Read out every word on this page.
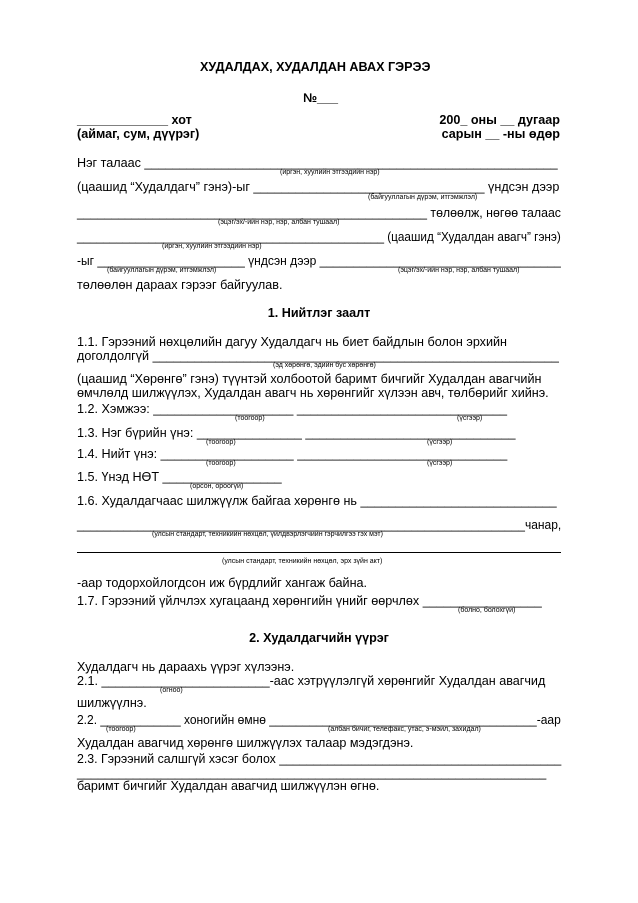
ХУДАЛДАХ, ХУДАЛДАН АВАХ ГЭРЭЭ
№___
_____________ хот
(аймаг, сум, дүүрэг)
200_ оны __ дугаар
сарын __ -ны өдөр
Нэг талаас ___________________________________________________________
(иргэн, хуулийн этгээдийн нэр)
(цаашид “Худалдагч” гэнэ)-ыг _________________________________ үндсэн дээр
(байгууллагын дүрэм, итгэмжлэл)
___________________________________________________ төлөөлж, нөгөө талаас
(эцэг/эх/-ийн нэр, нэр, албан тушаал)
_______________________________________________ (цаашид “Худалдан авагч” гэнэ)
(иргэн, хуулийн этгээдийн нэр)
-ыг ______________________ үндсэн дээр ____________________________________
(байгууллагын дүрэм, итгэмжлэл)	(эцэг/эх/-ийн нэр, нэр, албан тушаал)
төлөөлөн дараах гэрээг байгуулав.
1. Нийтлэг заалт
1.1. Гэрээний нөхцөлийн дагуу Худалдагч нь биет байдлын болон эрхийн
доголдолгүй __________________________________________________________
(эд хөрөнгө, эдийн бус хөрөнгө)
(цаашид “Хөрөнгө” гэнэ) түүнтэй холбоотой баримт бичгийг Худалдан авагчийн
өмчлөлд шилжүүлэх, Худалдан авагч нь хөрөнгийг хүлээн авч, төлбөрийг хийнэ.
1.2. Хэмжээ: ____________________ ______________________________
(тоогоор)	(үсгээр)
1.3. Нэг бүрийн үнэ: _______________ ______________________________
(тоогоор)	(үсгээр)
1.4. Нийт үнэ: ___________________ ______________________________
(тоогоор)	(үсгээр)
1.5. Үнэд НӨТ _________________
(орсон, ороогүй)
1.6. Худалдагчаас шилжүүлж байгаа хөрөнгө нь ____________________________
___________________________________________________________________чанар,
(улсын стандарт, техникийн нөхцөл, үйлдвэрлэгчийн гэрчилгээ гэх мэт)
(улсын стандарт, техникийн нөхцөл, эрх зүйн акт)
-аар тодорхойлогдсон иж бүрдлийг хангаж байна.
1.7. Гэрээний үйлчлэх хугацаанд хөрөнгийн үнийг өөрчлөх _________________
(болно, болохгүй)
2. Худалдагчийн үүрэг
Худалдагч нь дараахь үүрэг хүлээнэ.
2.1. ________________________-аас хэтрүүлэлгүй хөрөнгийг Худалдан авагчид
(огноо)
шилжүүлнэ.
2.2. ____________ хоногийн өмнө ________________________________________-аар
(тоогоор)	(албан бичиг, телефакс, утас, э-мэйл, захидал)
Худалдан авагчид хөрөнгө шилжүүлэх талаар мэдэгдэнэ.
2.3. Гэрээний салшгүй хэсэг болох _________________________________________
___________________________________________________________________
баримт бичгийг Худалдан авагчид шилжүүлэн өгнө.
